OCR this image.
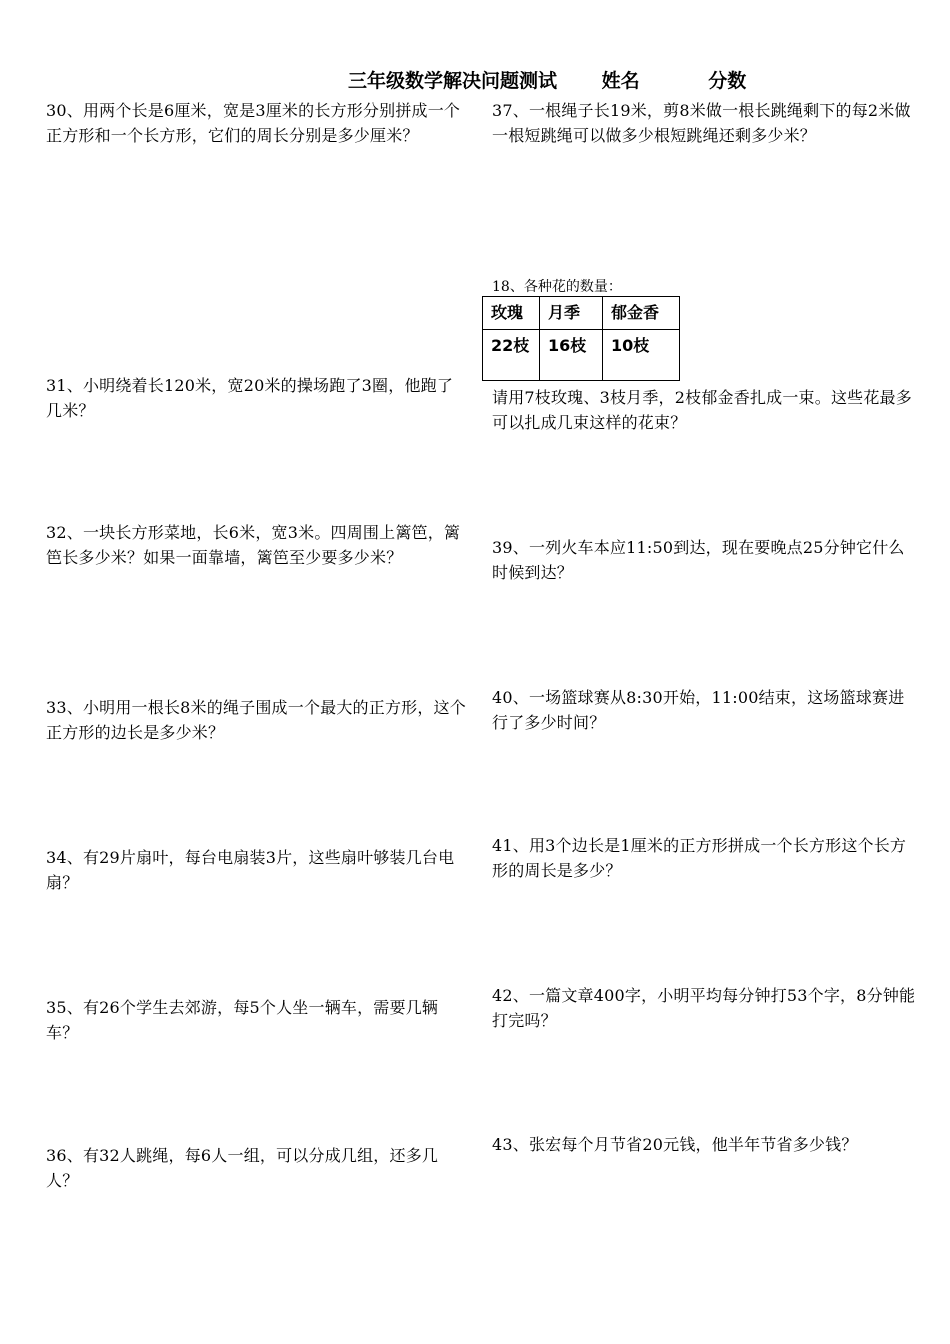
三年级数学解决问题测试 姓名	分数
30、用两个长是6厘米，宽是3厘米的长方形分别拼成一个正方形和一个长方形，它们的周长分别是多少厘米？
31、小明绕着长120米，宽20米的操场跑了3圈，他跑了几米？
32、一块长方形菜地，长6米，宽3米。四周围上篱笆，篱笆长多少米？如果一面靠墙，篱笆至少要多少米？
33、小明用一根长8米的绳子围成一个最大的正方形，这个正方形的边长是多少米？
34、有29片扇叶，每台电扇装3片，这些扇叶够装几台电扇？
35、有26个学生去郊游，每5个人坐一辆车，需要几辆车？
36、有32人跳绳，每6人一组，可以分成几组，还多几人？
37、一根绳子长19米，剪8米做一根长跳绳剩下的每2米做一根短跳绳可以做多少根短跳绳还剩多少米？
18、各种花的数量：
玫瑰	月季	郁金香
22枝	16枝	10枝
请用7枝玫瑰、3枝月季，2枝郁金香扎成一束。这些花最多可以扎成几束这样的花束？
39、一列火车本应11:50到达，现在要晚点25分钟它什么时候到达？
40、一场篮球赛从8:30开始，11:00结束，这场篮球赛进行了多少时间？
41、用3个边长是1厘米的正方形拼成一个长方形这个长方形的周长是多少？
42、一篇文章400字，小明平均每分钟打53个字，8分钟能打完吗？
43、张宏每个月节省20元钱，他半年节省多少钱？
